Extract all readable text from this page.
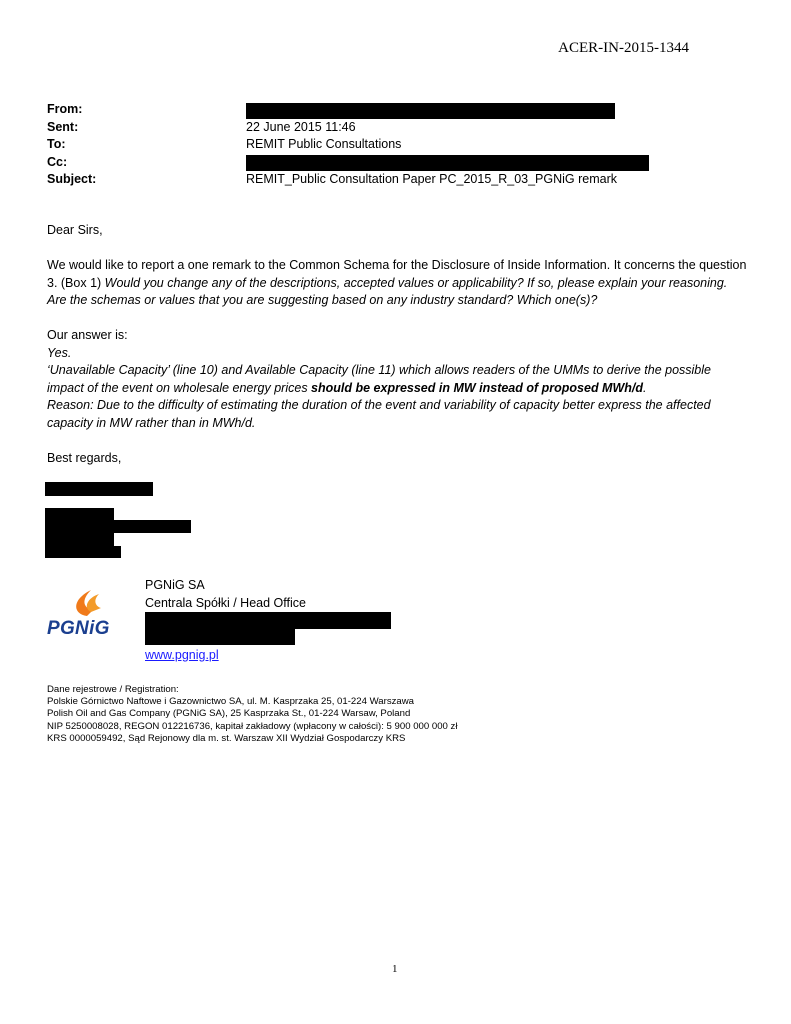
ACER-IN-2015-1344
From:
Sent:	22 June 2015 11:46
To:	REMIT Public Consultations
Cc:
Subject:	REMIT_Public Consultation Paper PC_2015_R_03_PGNiG remark

Dear Sirs,

We would like to report a one remark to the Common Schema for the Disclosure of Inside Information. It concerns the question 3. (Box 1) Would you change any of the descriptions, accepted values or applicability? If so, please explain your reasoning. Are the schemas or values that you are suggesting based on any industry standard? Which one(s)?

Our answer is:

Yes.

‘Unavailable Capacity’ (line 10) and Available Capacity (line 11) which allows readers of the UMMs to derive the possible impact of the event on wholesale energy prices should be expressed in MW instead of proposed MWh/d.

Reason: Due to the difficulty of estimating the duration of the event and variability of capacity better express the affected capacity in MW rather than in MWh/d.

Best regards,

PGNiG
PGNiG SA
Centrala Spółki / Head Office
www.pgnig.pl
Dane rejestrowe / Registration:
Polskie Górnictwo Naftowe i Gazownictwo SA, ul. M. Kasprzaka 25, 01-224 Warszawa
Polish Oil and Gas Company (PGNiG SA), 25 Kasprzaka St., 01-224 Warsaw, Poland
NIP 5250008028, REGON 012216736, kapitał zakładowy (wpłacony w całości): 5 900 000 000 zł
KRS 0000059492, Sąd Rejonowy dla m. st. Warszaw XII Wydział Gospodarczy KRS
1
